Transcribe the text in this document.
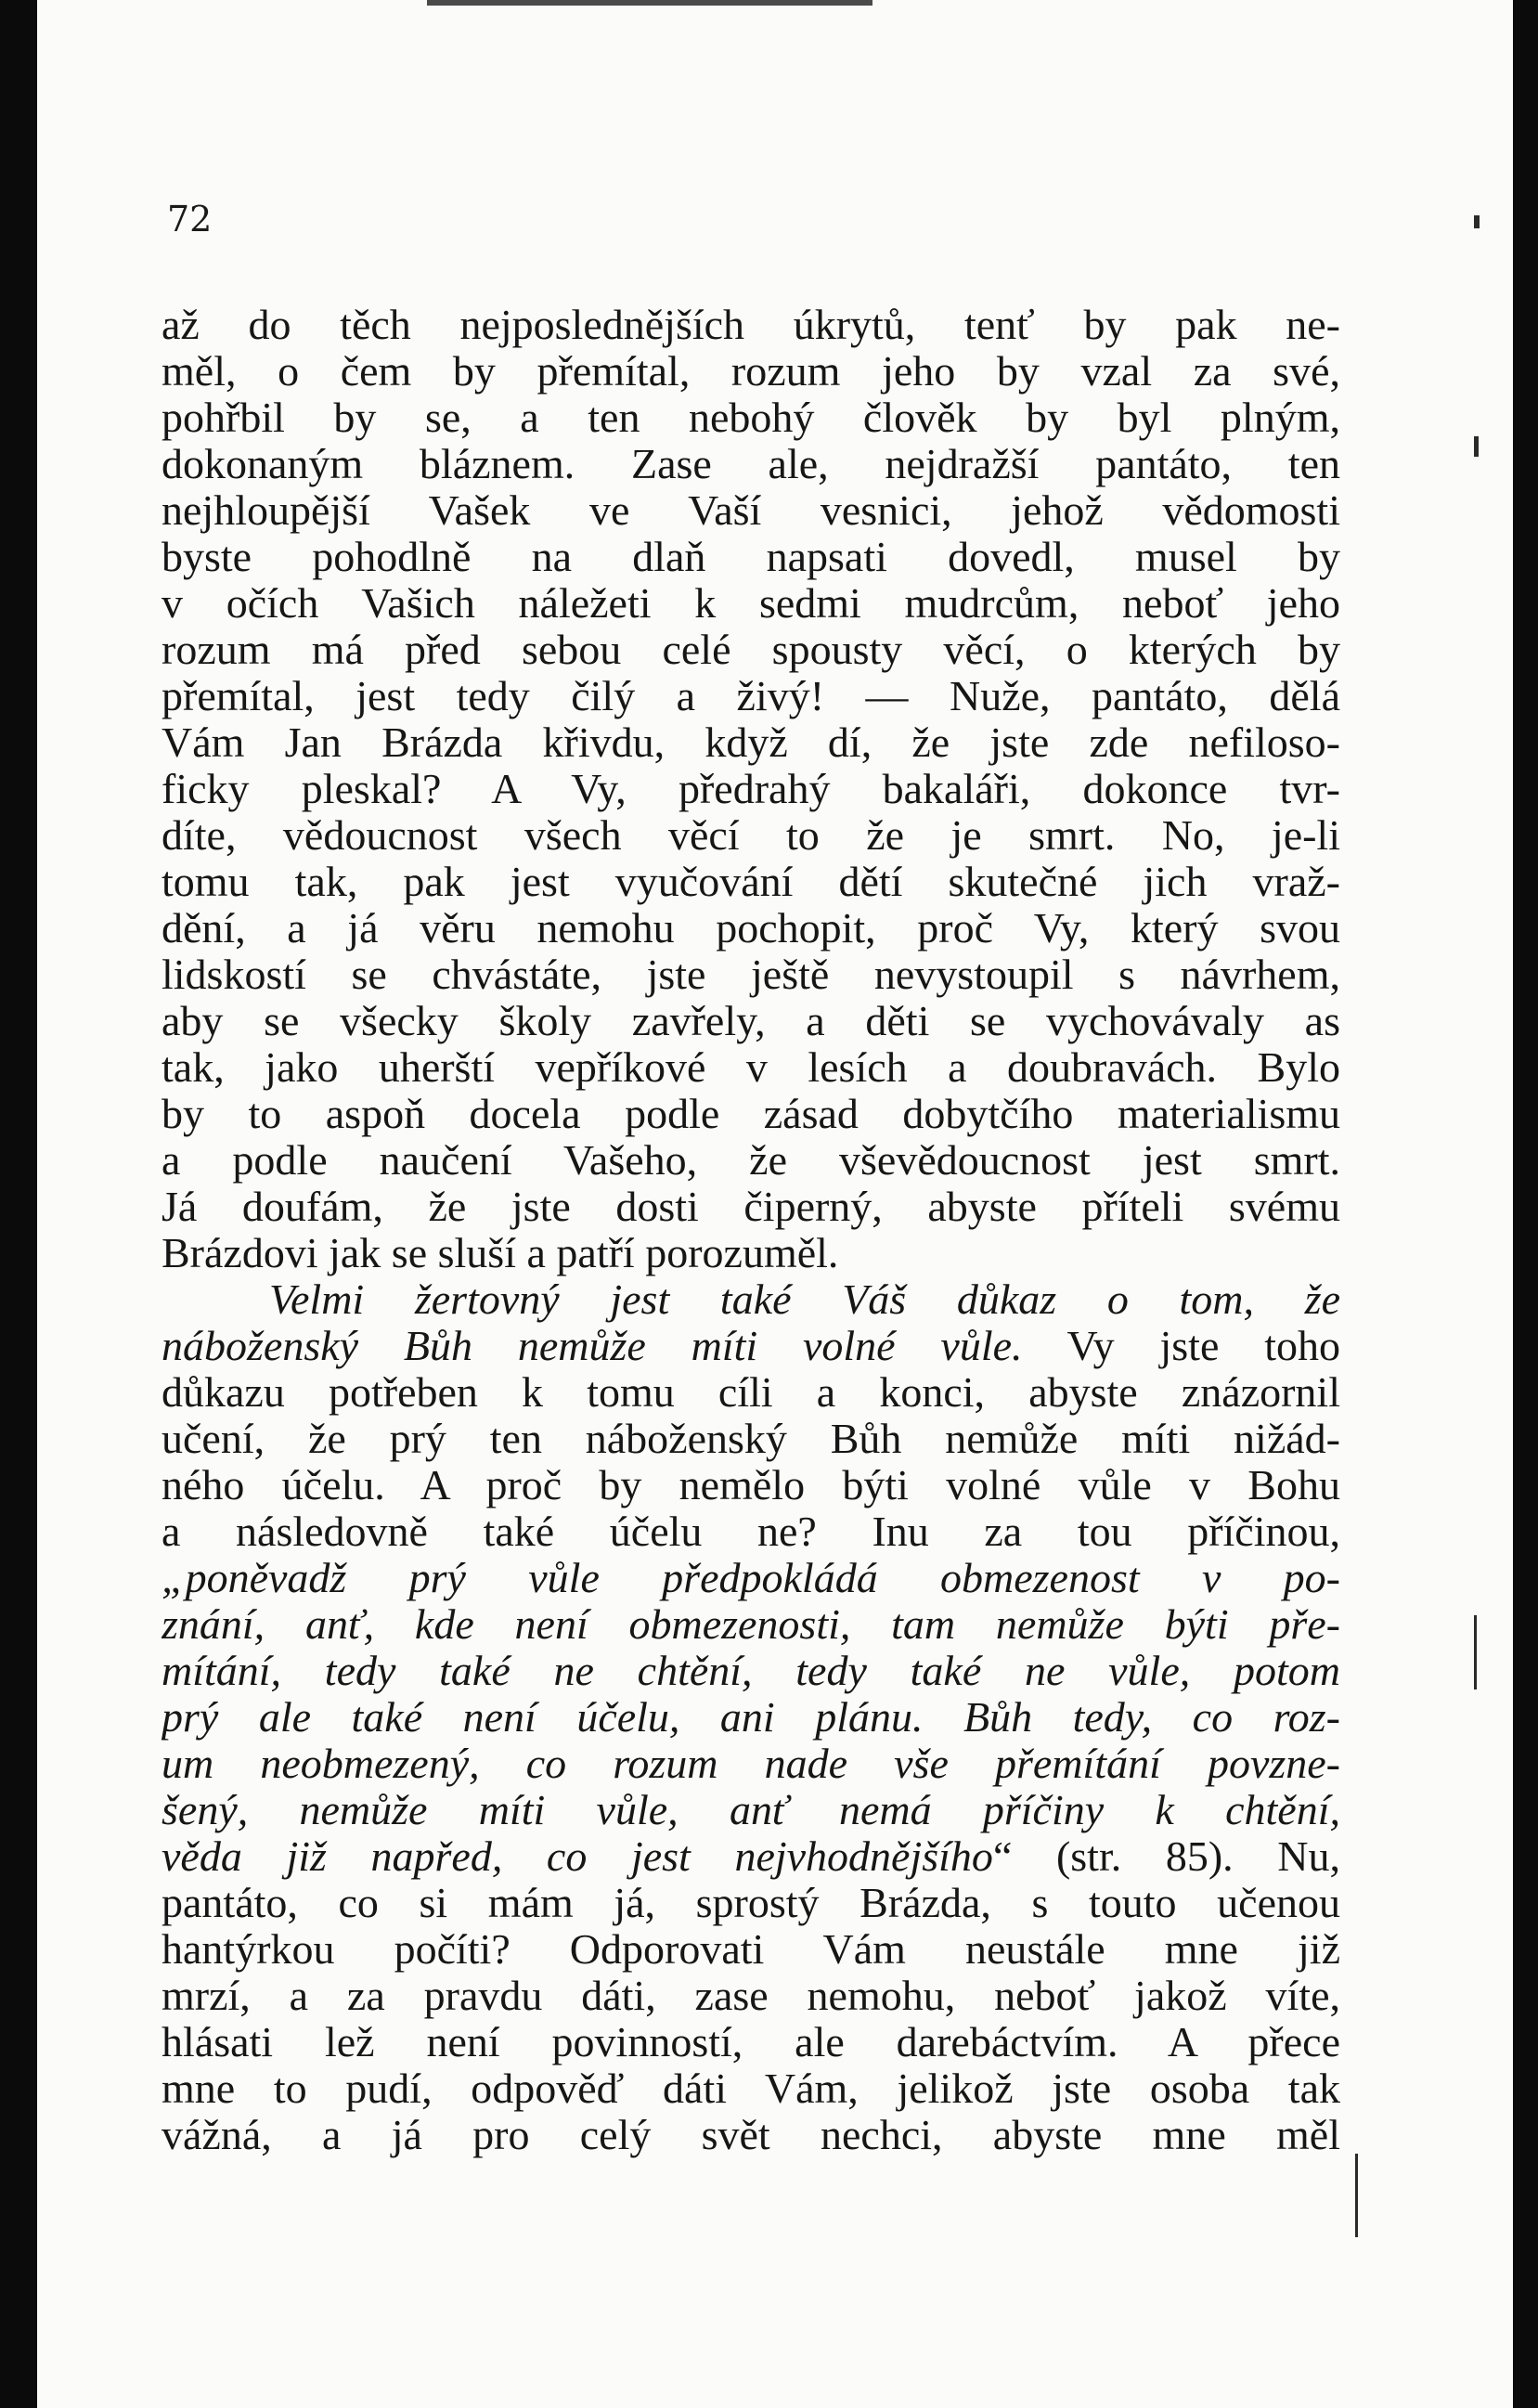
72
až do těch nejposlednějších úkrytů, tenť by pak ne-
měl, o čem by přemítal, rozum jeho by vzal za své,
pohřbil by se, a ten nebohý člověk by byl plným,
dokonaným bláznem. Zase ale, nejdražší pantáto, ten
nejhloupější Vašek ve Vaší vesnici, jehož vědomosti
byste pohodlně na dlaň napsati dovedl, musel by
v očích Vašich náležeti k sedmi mudrcům, neboť jeho
rozum má před sebou celé spousty věcí, o kterých by
přemítal, jest tedy čilý a živý! — Nuže, pantáto, dělá
Vám Jan Brázda křivdu, když dí, že jste zde nefiloso-
ficky pleskal? A Vy, předrahý bakaláři, dokonce tvr-
díte, vědoucnost všech věcí to že je smrt. No, je-li
tomu tak, pak jest vyučování dětí skutečné jich vraž-
dění, a já věru nemohu pochopit, proč Vy, který svou
lidskostí se chvástáte, jste ještě nevystoupil s návrhem,
aby se všecky školy zavřely, a děti se vychovávaly as
tak, jako uherští vepříkové v lesích a doubravách. Bylo
by to aspoň docela podle zásad dobytčího materialismu
a podle naučení Vašeho, že vševědoucnost jest smrt.
Já doufám, že jste dosti čiperný, abyste příteli svému
Brázdovi jak se sluší a patří porozuměl.
Velmi žertovný jest také Váš důkaz o tom, že
náboženský Bůh nemůže míti volné vůle. Vy jste toho
důkazu potřeben k tomu cíli a konci, abyste znázornil
učení, že prý ten náboženský Bůh nemůže míti nižád-
ného účelu. A proč by nemělo býti volné vůle v Bohu
a následovně také účelu ne? Inu za tou příčinou,
„poněvadž prý vůle předpokládá obmezenost v po-
znání, anť, kde není obmezenosti, tam nemůže býti pře-
mítání, tedy také ne chtění, tedy také ne vůle, potom
prý ale také není účelu, ani plánu. Bůh tedy, co roz-
um neobmezený, co rozum nade vše přemítání povzne-
šený, nemůže míti vůle, anť nemá příčiny k chtění,
věda již napřed, co jest nejvhodnějšího“ (str. 85). Nu,
pantáto, co si mám já, sprostý Brázda, s touto učenou
hantýrkou počíti? Odporovati Vám neustále mne již
mrzí, a za pravdu dáti, zase nemohu, neboť jakož víte,
hlásati lež není povinností, ale darebáctvím. A přece
mne to pudí, odpověď dáti Vám, jelikož jste osoba tak
vážná, a já pro celý svět nechci, abyste mne měl
